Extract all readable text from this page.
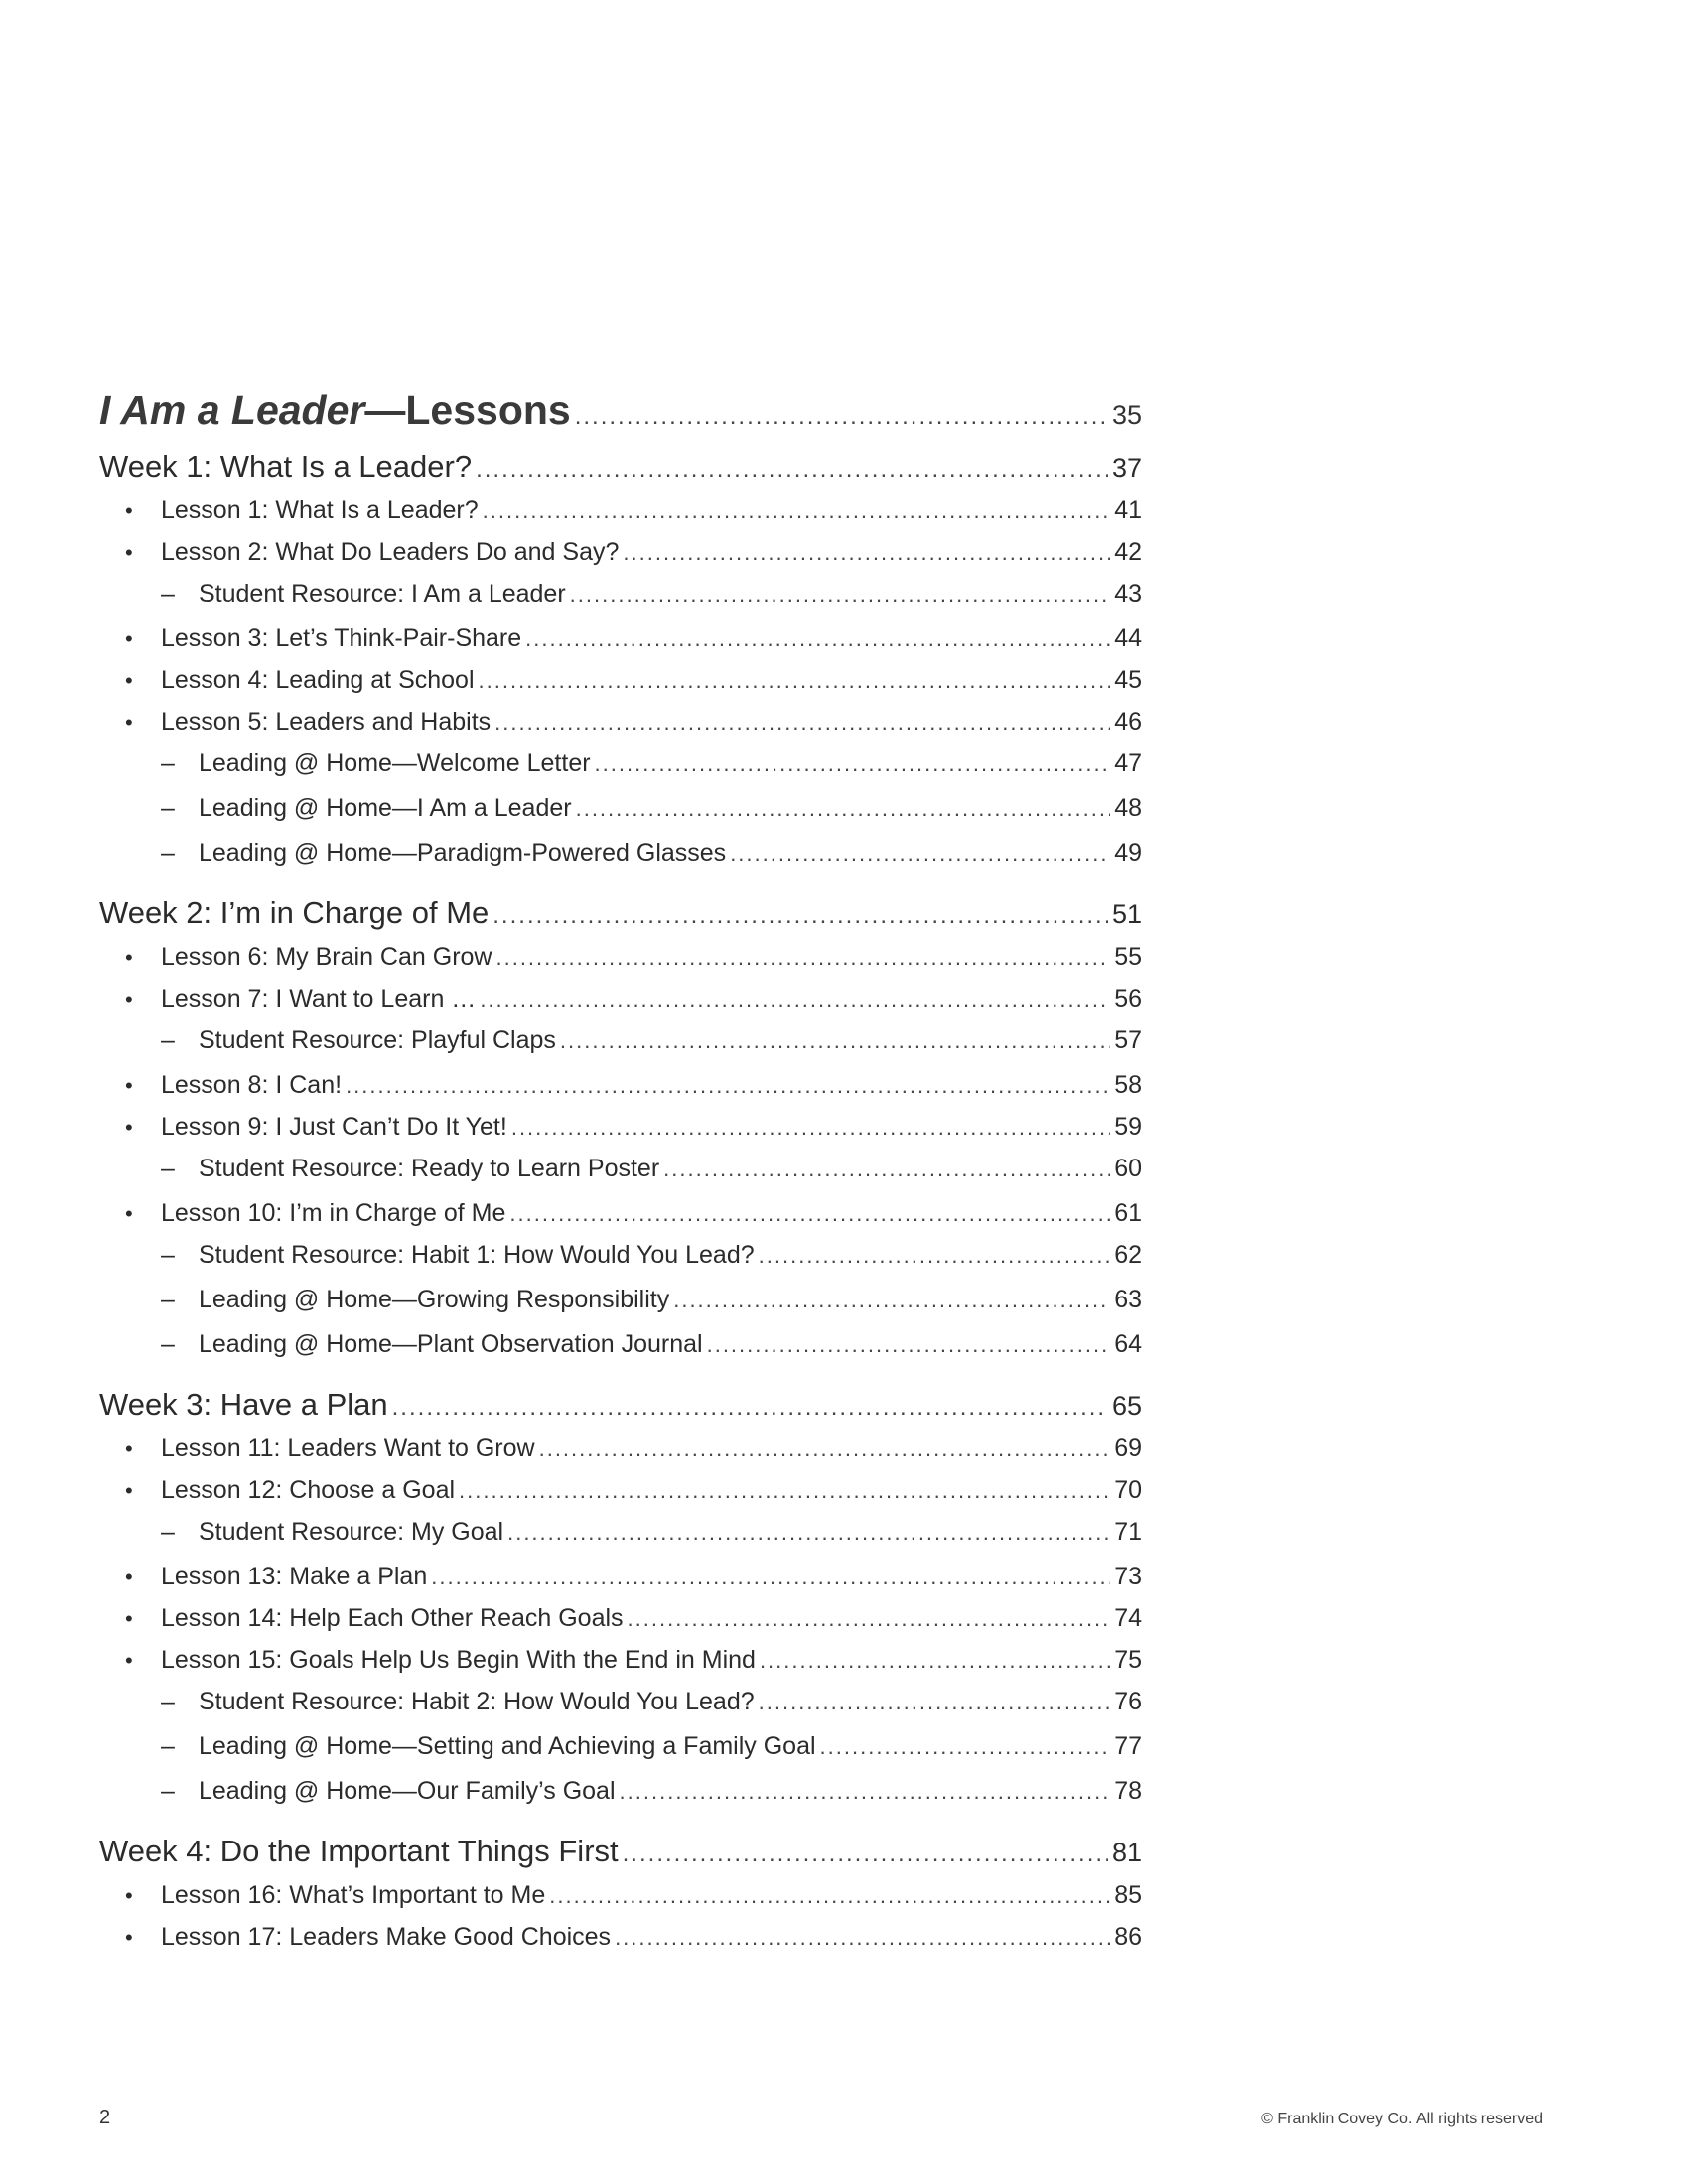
I Am a Leader—Lessons .....	35
Week 1: What Is a Leader? .....	37
•	Lesson 1: What Is a Leader? .....	41
•	Lesson 2: What Do Leaders Do and Say? .....	42
– Student Resource: I Am a Leader .....	43
•	Lesson 3: Let’s Think-Pair-Share .....	44
•	Lesson 4: Leading at School .....	45
•	Lesson 5: Leaders and Habits .....	46
– Leading @ Home—Welcome Letter .....	47
– Leading @ Home—I Am a Leader .....	48
– Leading @ Home—Paradigm-Powered Glasses .....	49
Week 2: I’m in Charge of Me .....	51
•	Lesson 6: My Brain Can Grow .....	55
•	Lesson 7: I Want to Learn … .....	56
– Student Resource: Playful Claps .....	57
•	Lesson 8: I Can! .....	58
•	Lesson 9: I Just Can’t Do It Yet! .....	59
– Student Resource: Ready to Learn Poster .....	60
•	Lesson 10: I’m in Charge of Me .....	61
– Student Resource: Habit 1: How Would You Lead? .....	62
– Leading @ Home—Growing Responsibility .....	63
– Leading @ Home—Plant Observation Journal .....	64
Week 3: Have a Plan .....	65
•	Lesson 11: Leaders Want to Grow .....	69
•	Lesson 12: Choose a Goal .....	70
– Student Resource: My Goal .....	71
•	Lesson 13: Make a Plan .....	73
•	Lesson 14: Help Each Other Reach Goals .....	74
•	Lesson 15: Goals Help Us Begin With the End in Mind .....	75
– Student Resource: Habit 2: How Would You Lead? .....	76
– Leading @ Home—Setting and Achieving a Family Goal .....	77
– Leading @ Home—Our Family’s Goal .....	78
Week 4: Do the Important Things First .....	81
•	Lesson 16: What’s Important to Me .....	85
•	Lesson 17: Leaders Make Good Choices .....	86
2	© Franklin Covey Co. All rights reserved
